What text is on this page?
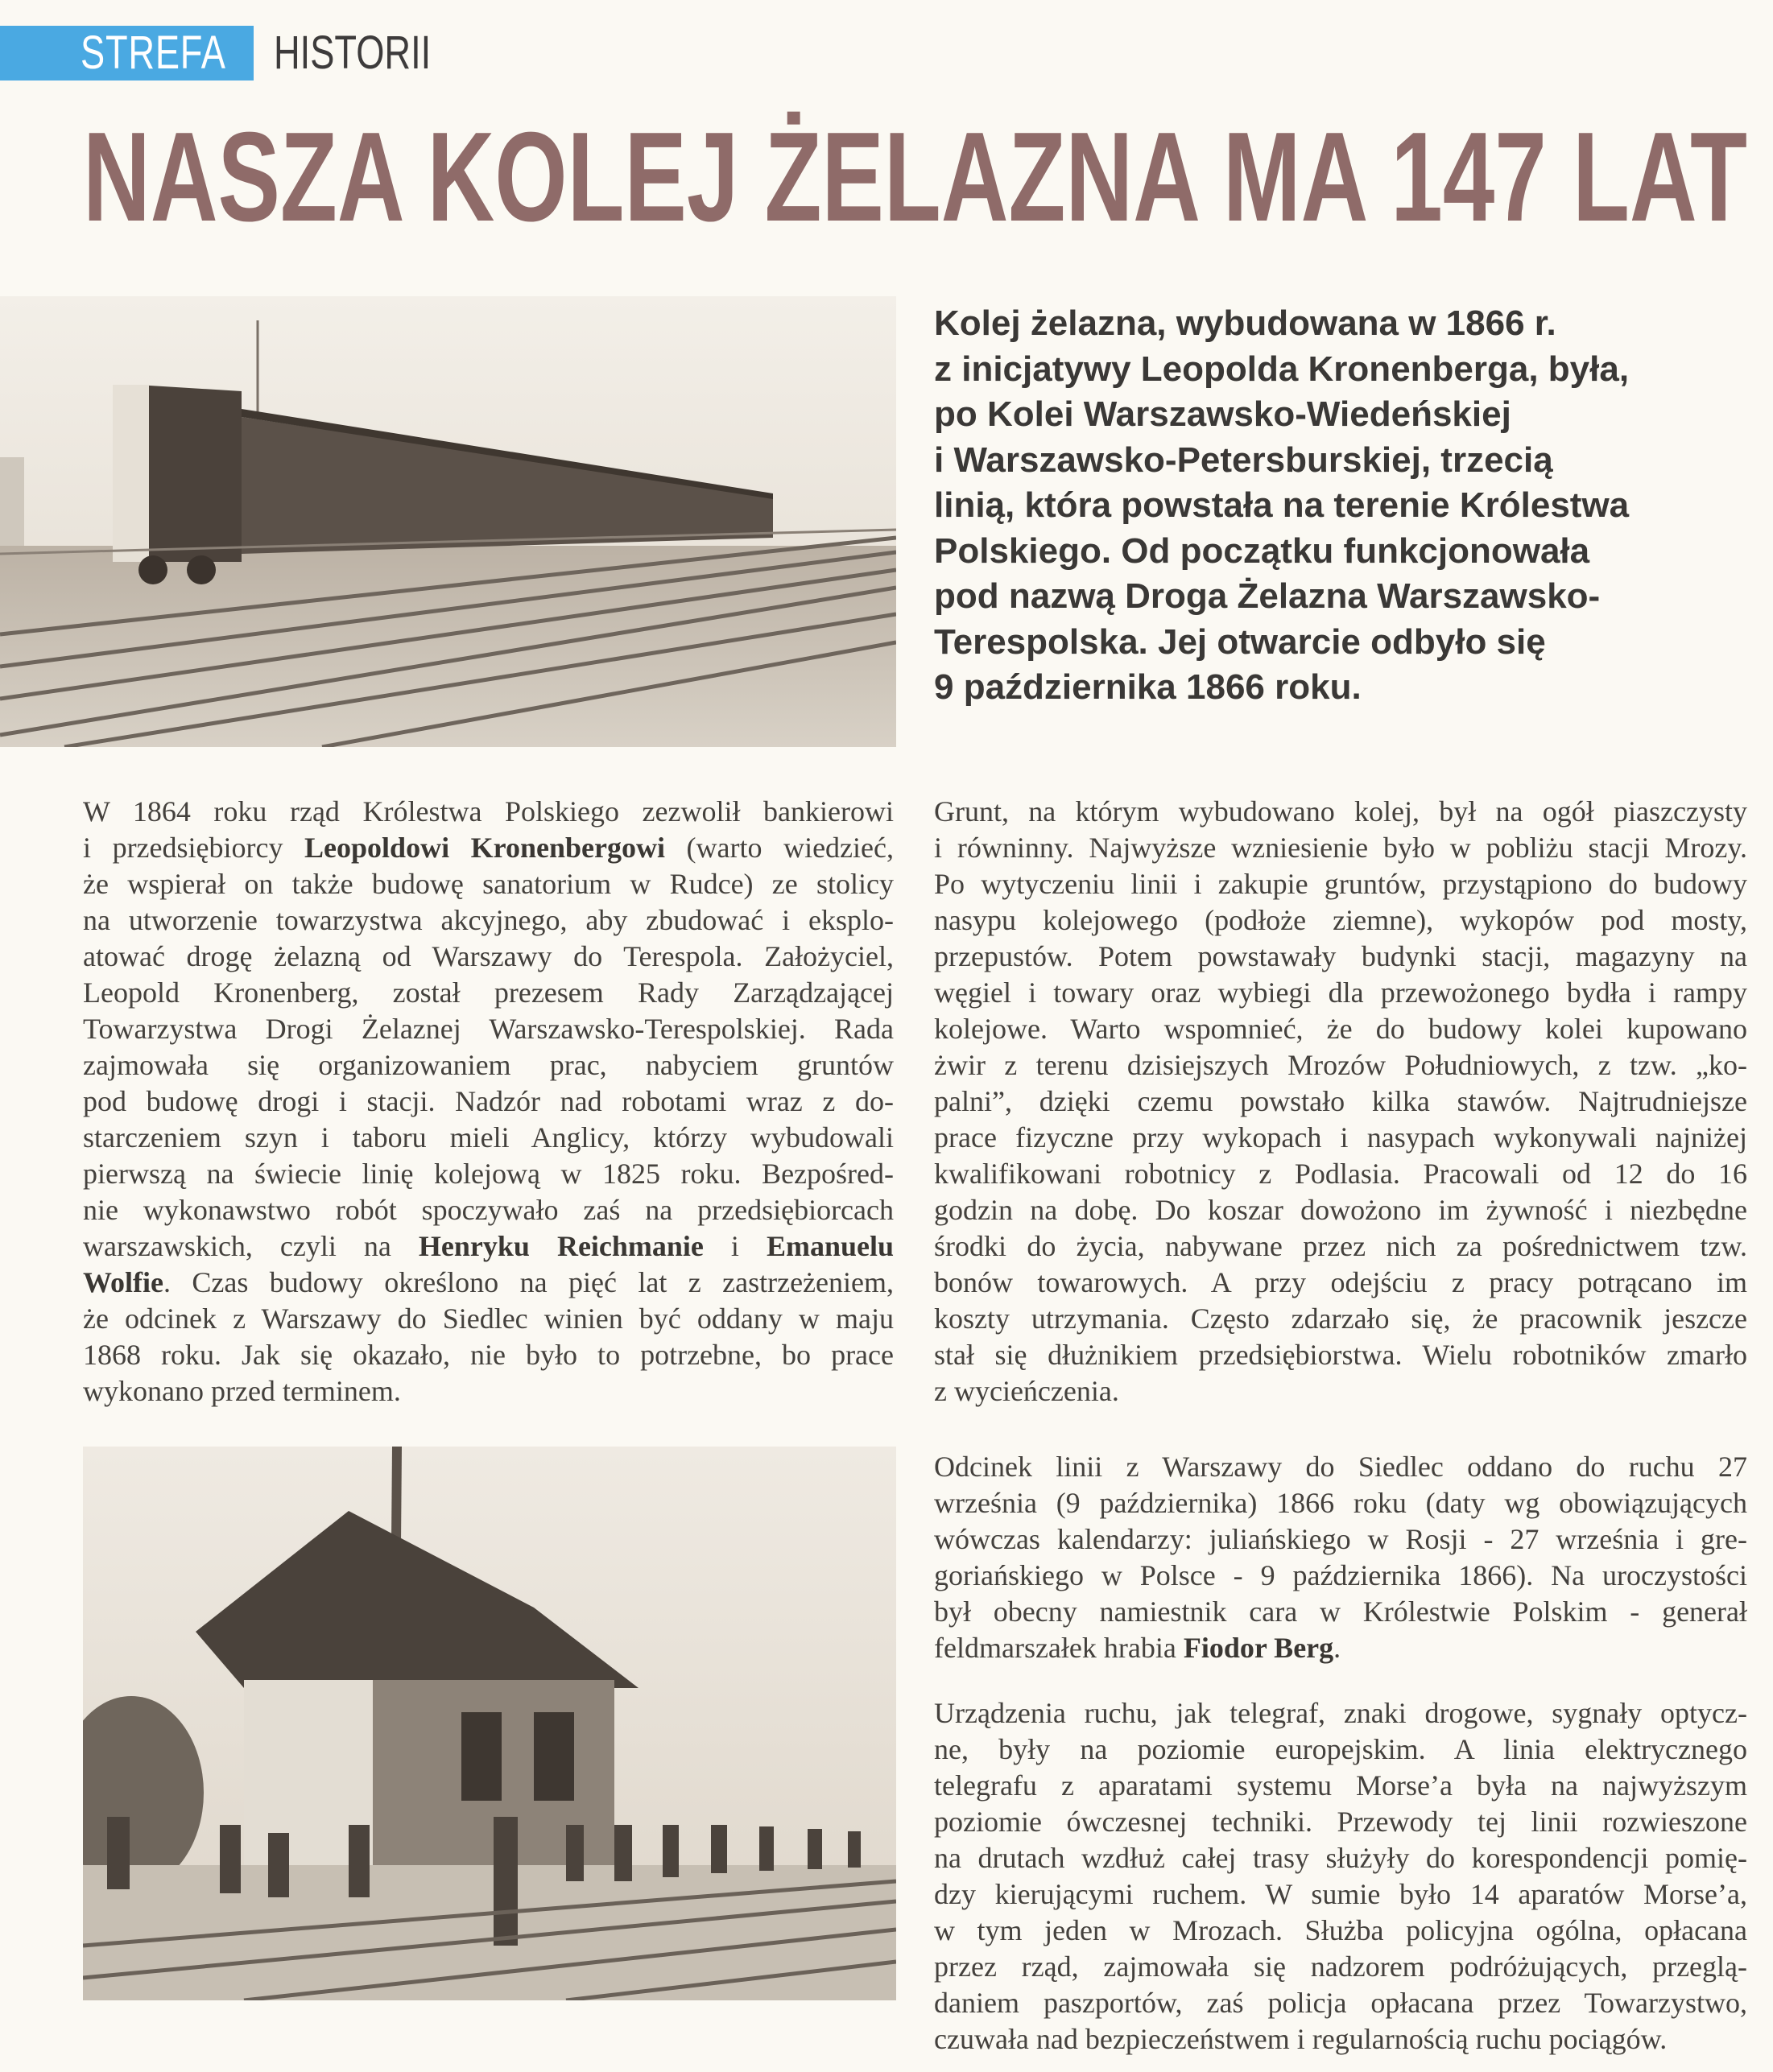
STREFA HISTORII
NASZA KOLEJ ŻELAZNA MA 147 LAT
Kolej żelazna, wybudowana w 1866 r.
z inicjatywy Leopolda Kronenberga, była,
po Kolei Warszawsko-Wiedeńskiej
i Warszawsko-Petersburskiej, trzecią
linią, która powstała na terenie Królestwa
Polskiego. Od początku funkcjonowała
pod nazwą Droga Żelazna Warszawsko-
Terespolska. Jej otwarcie odbyło się
9 października 1866 roku.
W 1864 roku rząd Królestwa Polskiego zezwolił bankierowi
i przedsiębiorcy Leopoldowi Kronenbergowi (warto wiedzieć,
że wspierał on także budowę sanatorium w Rudce) ze stolicy
na utworzenie towarzystwa akcyjnego, aby zbudować i eksplo-
atować drogę żelazną od Warszawy do Terespola. Założyciel,
Leopold Kronenberg, został prezesem Rady Zarządzającej
Towarzystwa Drogi Żelaznej Warszawsko-Terespolskiej. Rada
zajmowała się organizowaniem prac, nabyciem gruntów
pod budowę drogi i stacji. Nadzór nad robotami wraz z do-
starczeniem szyn i taboru mieli Anglicy, którzy wybudowali
pierwszą na świecie linię kolejową w 1825 roku. Bezpośred-
nie wykonawstwo robót spoczywało zaś na przedsiębiorcach
warszawskich, czyli na Henryku Reichmanie i Emanuelu
Wolfie. Czas budowy określono na pięć lat z zastrzeżeniem,
że odcinek z Warszawy do Siedlec winien być oddany w maju
1868 roku. Jak się okazało, nie było to potrzebne, bo prace
wykonano przed terminem.
Grunt, na którym wybudowano kolej, był na ogół piaszczysty
i równinny. Najwyższe wzniesienie było w pobliżu stacji Mrozy.
Po wytyczeniu linii i zakupie gruntów, przystąpiono do budowy
nasypu kolejowego (podłoże ziemne), wykopów pod mosty,
przepustów. Potem powstawały budynki stacji, magazyny na
węgiel i towary oraz wybiegi dla przewożonego bydła i rampy
kolejowe. Warto wspomnieć, że do budowy kolei kupowano
żwir z terenu dzisiejszych Mrozów Południowych, z tzw. „ko-
palni”, dzięki czemu powstało kilka stawów. Najtrudniejsze
prace fizyczne przy wykopach i nasypach wykonywali najniżej
kwalifikowani robotnicy z Podlasia. Pracowali od 12 do 16
godzin na dobę. Do koszar dowożono im żywność i niezbędne
środki do życia, nabywane przez nich za pośrednictwem tzw.
bonów towarowych. A przy odejściu z pracy potrącano im
koszty utrzymania. Często zdarzało się, że pracownik jeszcze
stał się dłużnikiem przedsiębiorstwa. Wielu robotników zmarło
z wycieńczenia.
Odcinek linii z Warszawy do Siedlec oddano do ruchu 27
września (9 października) 1866 roku (daty wg obowiązujących
wówczas kalendarzy: juliańskiego w Rosji - 27 września i gre-
goriańskiego w Polsce - 9 października 1866). Na uroczystości
był obecny namiestnik cara w Królestwie Polskim - generał
feldmarszałek hrabia Fiodor Berg.
Urządzenia ruchu, jak telegraf, znaki drogowe, sygnały optycz-
ne, były na poziomie europejskim. A linia elektrycznego
telegrafu z aparatami systemu Morse’a była na najwyższym
poziomie ówczesnej techniki. Przewody tej linii rozwieszone
na drutach wzdłuż całej trasy służyły do korespondencji pomię-
dzy kierującymi ruchem. W sumie było 14 aparatów Morse’a,
w tym jeden w Mrozach. Służba policyjna ogólna, opłacana
przez rząd, zajmowała się nadzorem podróżujących, przeglą-
daniem paszportów, zaś policja opłacana przez Towarzystwo,
czuwała nad bezpieczeństwem i regularnością ruchu pociągów.
